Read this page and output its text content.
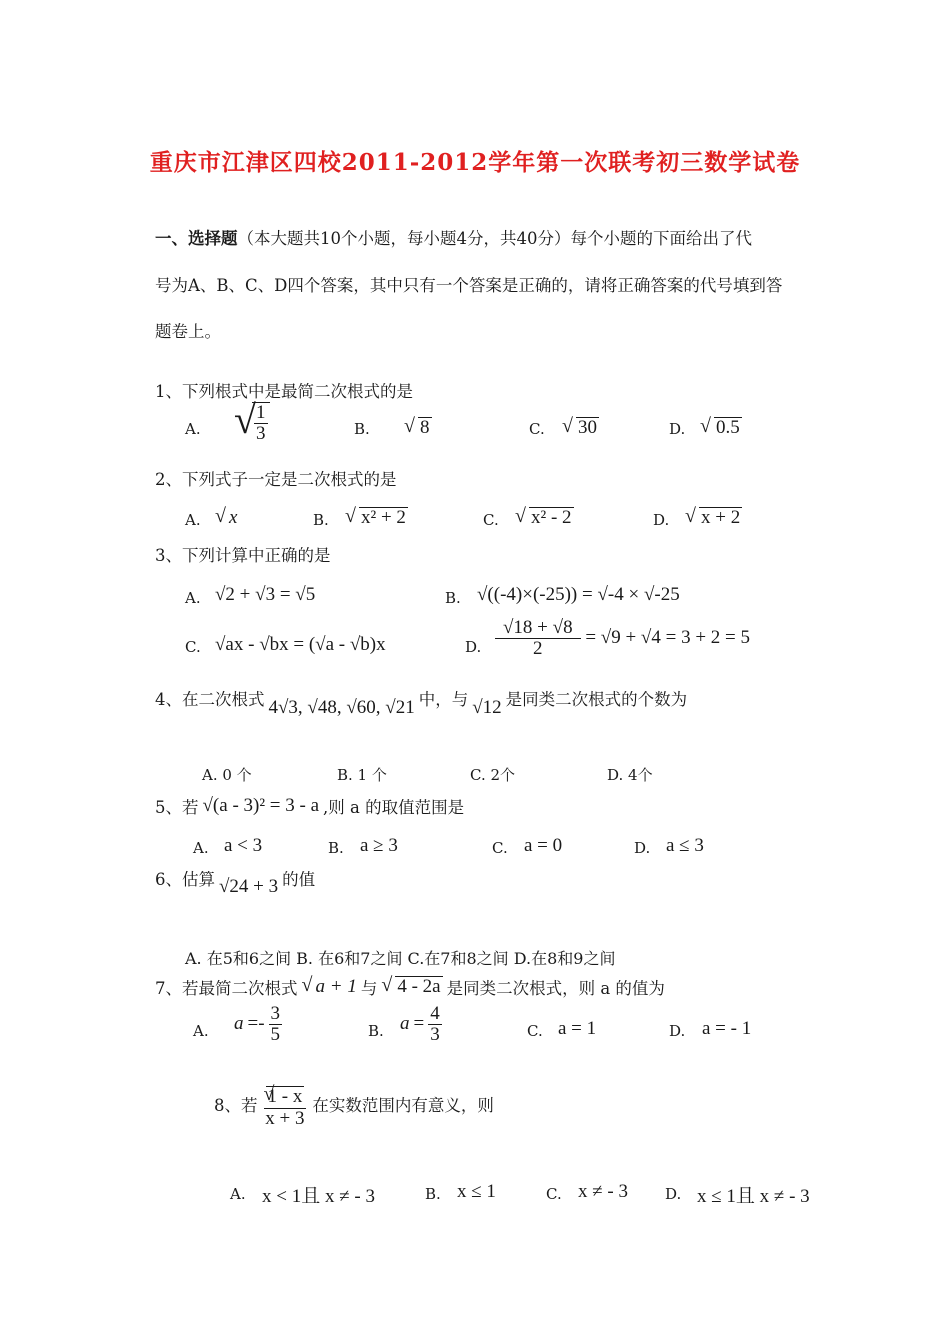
重庆市江津区四校2011-2012学年第一次联考初三数学试卷
一、选择题（本大题共10个小题，每小题4分，共40分）每个小题的下面给出了代
号为A、B、C、D四个答案，其中只有一个答案是正确的，请将正确答案的代号填到答
题卷上。
1、下列根式中是最简二次根式的是
A.	√ $\frac{1}{3}$	B.	√ 8	C.	√ 30	D.	√ 0.5
2、下列式子一定是二次根式的是
A.	√ x	B.	√ x² + 2	C.	√ x² - 2	D.	√ x + 2
3、下列计算中正确的是
A. √2 + √3 = √5	B. √((-4)×(-25)) = √-4 × √-25
C. √ax - √bx = (√a - √b)x	D. $\frac{√18 + √8}{2} = √9 + √4 = 3 + 2 = 5$
4、在二次根式 4√3, √48, √60, √21 中，与 √12 是同类二次根式的个数为
A. 0 个	B. 1 个	C. 2个	D. 4个
5、若 √(a - 3)² = 3 - a ,则 a 的取值范围是
A. a < 3	B. a ≥ 3	C. a = 0	D. a ≤ 3
6、估算 √24 + 3 的值
A. 在5和6之间 B. 在6和7之间 C.在7和8之间 D.在8和9之间
7、若最简二次根式 √ a + 1 与	√ 4 - 2a 是同类二次根式，则 a 的值为
A. $a =- \frac{3}{5}$	B. $a = \frac{4}{3}$	C. a = 1	D. a = - 1
8、若 √ $\frac{1 - x}{x + 3}$ 在实数范围内有意义，则
A. x < 1且 x ≠ - 3	B. x ≤ 1	C. x ≠ - 3 D. x ≤ 1且 x ≠ - 3
